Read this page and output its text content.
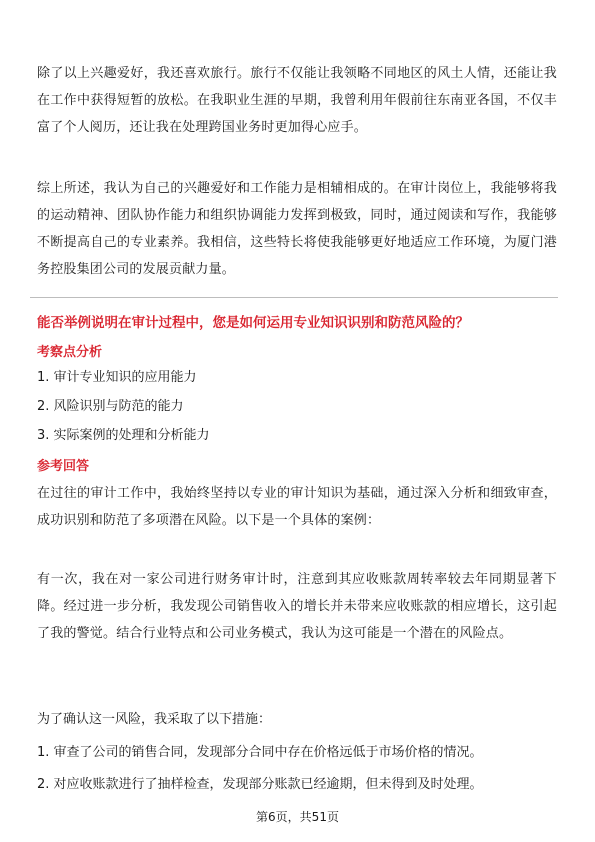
除了以上兴趣爱好，我还喜欢旅行。旅行不仅能让我领略不同地区的风土人情，还能让我在工作中获得短暂的放松。在我职业生涯的早期，我曾利用年假前往东南亚各国，不仅丰富了个人阅历，还让我在处理跨国业务时更加得心应手。

综上所述，我认为自己的兴趣爱好和工作能力是相辅相成的。在审计岗位上，我能够将我的运动精神、团队协作能力和组织协调能力发挥到极致，同时，通过阅读和写作，我能够不断提高自己的专业素养。我相信，这些特长将使我能够更好地适应工作环境，为厦门港务控股集团公司的发展贡献力量。

能否举例说明在审计过程中，您是如何运用专业知识识别和防范风险的？
考察点分析

1. 审计专业知识的应用能力

2. 风险识别与防范的能力

3. 实际案例的处理和分析能力

参考回答

在过往的审计工作中，我始终坚持以专业的审计知识为基础，通过深入分析和细致审查，成功识别和防范了多项潜在风险。以下是一个具体的案例：

有一次，我在对一家公司进行财务审计时，注意到其应收账款周转率较去年同期显著下降。经过进一步分析，我发现公司销售收入的增长并未带来应收账款的相应增长，这引起了我的警觉。结合行业特点和公司业务模式，我认为这可能是一个潜在的风险点。

为了确认这一风险，我采取了以下措施：

1. 审查了公司的销售合同，发现部分合同中存在价格远低于市场价格的情况。

2. 对应收账款进行了抽样检查，发现部分账款已经逾期，但未得到及时处理。

第6页，共51页
